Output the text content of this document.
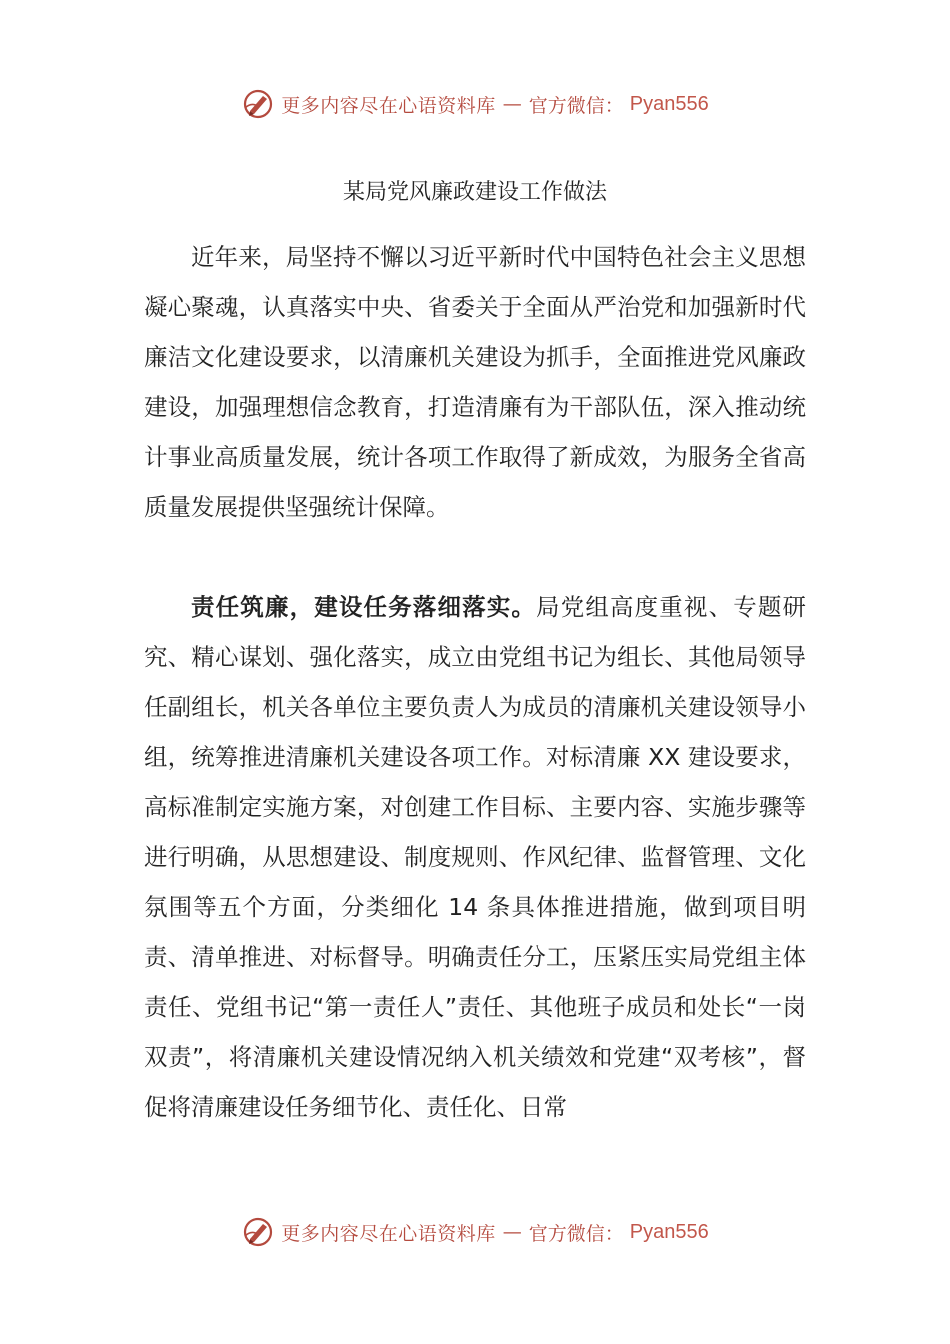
更多内容尽在心语资料库 — 官方微信： Pyan556
某局党风廉政建设工作做法

近年来，局坚持不懈以习近平新时代中国特色社会主义思想凝心聚魂，认真落实中央、省委关于全面从严治党和加强新时代廉洁文化建设要求，以清廉机关建设为抓手，全面推进党风廉政建设，加强理想信念教育，打造清廉有为干部队伍，深入推动统计事业高质量发展，统计各项工作取得了新成效，为服务全省高质量发展提供坚强统计保障。

责任筑廉，建设任务落细落实。局党组高度重视、专题研究、精心谋划、强化落实，成立由党组书记为组长、其他局领导任副组长，机关各单位主要负责人为成员的清廉机关建设领导小组，统筹推进清廉机关建设各项工作。对标清廉 XX 建设要求，高标准制定实施方案，对创建工作目标、主要内容、实施步骤等进行明确，从思想建设、制度规则、作风纪律、监督管理、文化氛围等五个方面，分类细化 14 条具体推进措施，做到项目明责、清单推进、对标督导。明确责任分工，压紧压实局党组主体责任、党组书记“第一责任人”责任、其他班子成员和处长“一岗双责”，将清廉机关建设情况纳入机关绩效和党建“双考核”，督促将清廉建设任务细节化、责任化、日常

更多内容尽在心语资料库 — 官方微信： Pyan556
